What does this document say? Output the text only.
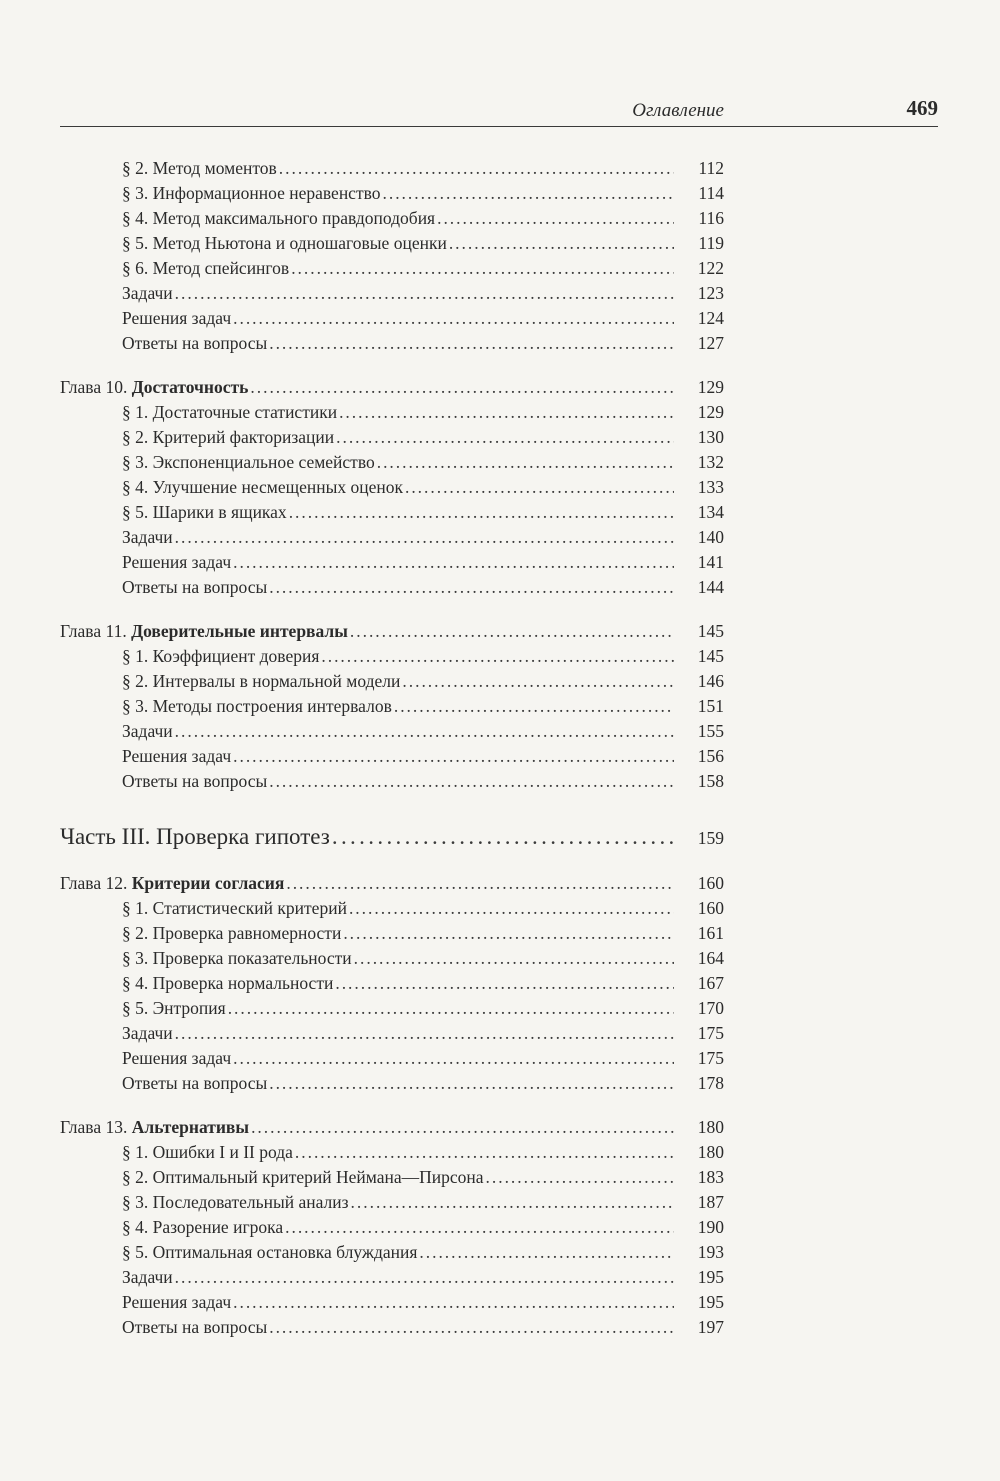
Оглавление	469
§ 2. Метод моментов . . .	112
§ 3. Информационное неравенство . . .	114
§ 4. Метод максимального правдоподобия . . .	116
§ 5. Метод Ньютона и одношаговые оценки . . .	119
§ 6. Метод спейсингов . . .	122
Задачи . . .	123
Решения задач . . .	124
Ответы на вопросы . . .	127
Глава 10. Достаточность . . .	129
§ 1. Достаточные статистики . . .	129
§ 2. Критерий факторизации . . .	130
§ 3. Экспоненциальное семейство . . .	132
§ 4. Улучшение несмещенных оценок . . .	133
§ 5. Шарики в ящиках . . .	134
Задачи . . .	140
Решения задач . . .	141
Ответы на вопросы . . .	144
Глава 11. Доверительные интервалы . . .	145
§ 1. Коэффициент доверия . . .	145
§ 2. Интервалы в нормальной модели . . .	146
§ 3. Методы построения интервалов . . .	151
Задачи . . .	155
Решения задач . . .	156
Ответы на вопросы . . .	158
Часть III. Проверка гипотез . . .	159
Глава 12. Критерии согласия . . .	160
§ 1. Статистический критерий . . .	160
§ 2. Проверка равномерности . . .	161
§ 3. Проверка показательности . . .	164
§ 4. Проверка нормальности . . .	167
§ 5. Энтропия . . .	170
Задачи . . .	175
Решения задач . . .	175
Ответы на вопросы . . .	178
Глава 13. Альтернативы . . .	180
§ 1. Ошибки I и II рода . . .	180
§ 2. Оптимальный критерий Неймана—Пирсона . . .	183
§ 3. Последовательный анализ . . .	187
§ 4. Разорение игрока . . .	190
§ 5. Оптимальная остановка блуждания . . .	193
Задачи . . .	195
Решения задач . . .	195
Ответы на вопросы . . .	197
